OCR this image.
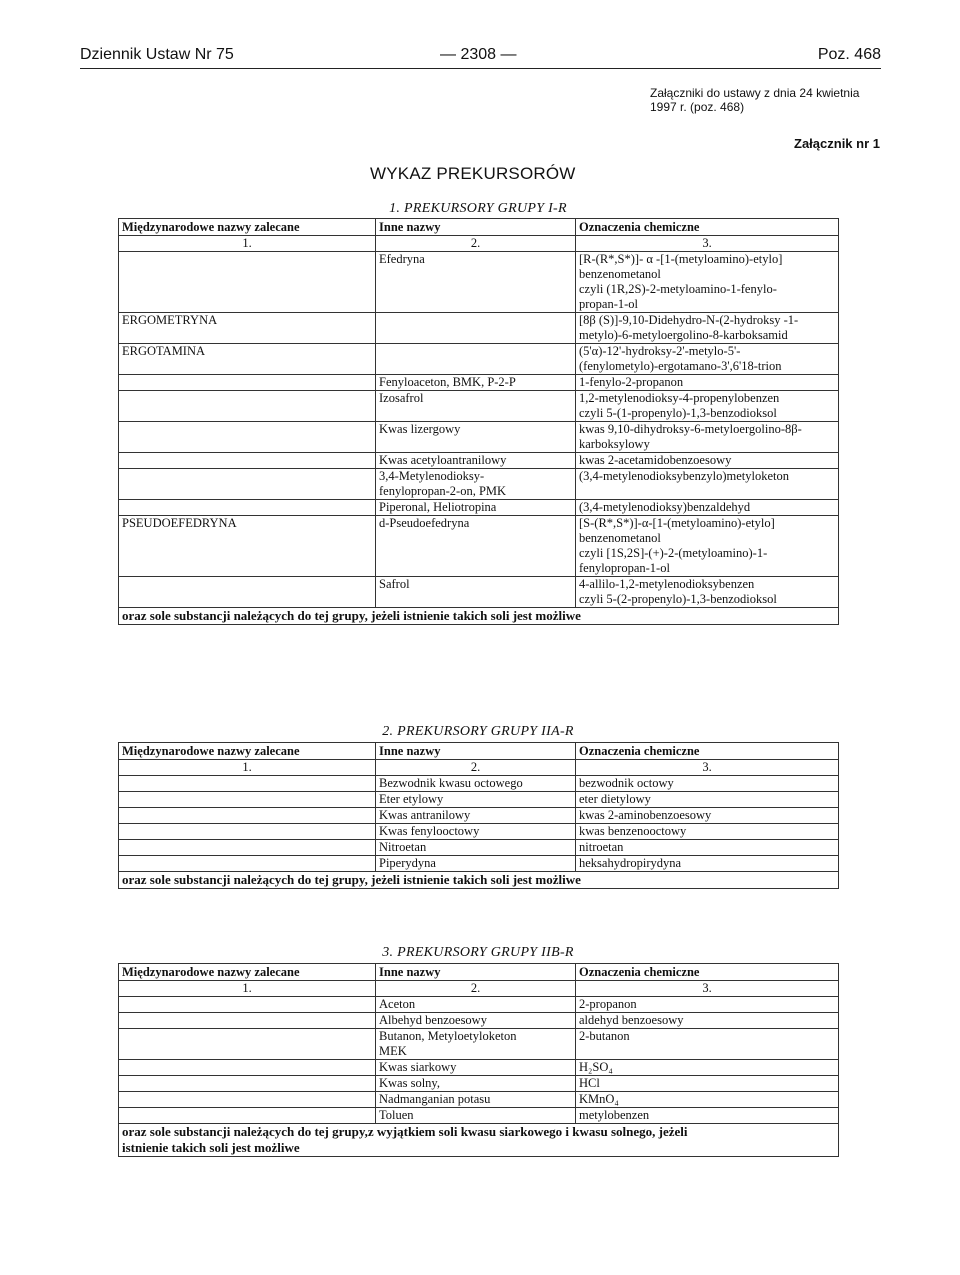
Dziennik Ustaw Nr 75	— 2308 —	Poz. 468
Załączniki do ustawy z dnia 24 kwietnia
1997 r. (poz. 468)
Załącznik nr 1
WYKAZ PREKURSORÓW
1. PREKURSORY GRUPY I-R
Międzynarodowe nazwy zalecane	Inne nazwy	Oznaczenia chemiczne
1.	2.	3.

	Efedryna	[R-(R*,S*)]- α -[1-(metyloamino)-etylo]
benzenometanol
czyli (1R,2S)-2-metyloamino-1-fenylo-
propan-1-ol

ERGOMETRYNA		[8β (S)]-9,10-Didehydro-N-(2-hydroksy -1-
metylo)-6-metyloergolino-8-karboksamid

ERGOTAMINA		(5'α)-12'-hydroksy-2'-metylo-5'-
(fenylometylo)-ergotamano-3',6'18-trion

	Fenyloaceton, BMK, P-2-P	1-fenylo-2-propanon

	Izosafrol	1,2-metylenodioksy-4-propenylobenzen
czyli 5-(1-propenylo)-1,3-benzodioksol

	Kwas lizergowy	kwas 9,10-dihydroksy-6-metyloergolino-8β-
karboksylowy

	Kwas acetyloantranilowy	kwas 2-acetamidobenzoesowy

	3,4-Metylenodioksy-
fenylopropan-2-on, PMK	(3,4-metylenodioksybenzylo)metyloketon

	Piperonal, Heliotropina	(3,4-metylenodioksy)benzaldehyd

PSEUDOEFEDRYNA	d-Pseudoefedryna	[S-(R*,S*)]-α-[1-(metyloamino)-etylo]
benzenometanol
czyli [1S,2S]-(+)-2-(metyloamino)-1-
fenylopropan-1-ol

	Safrol	4-allilo-1,2-metylenodioksybenzen
czyli 5-(2-propenylo)-1,3-benzodioksol

oraz sole substancji należących do tej grupy, jeżeli istnienie takich soli jest możliwe		
2. PREKURSORY GRUPY IIA-R
Międzynarodowe nazwy zalecane	Inne nazwy	Oznaczenia chemiczne
1.	2.	3.

	Bezwodnik kwasu octowego	bezwodnik octowy

	Eter etylowy	eter dietylowy

	Kwas antranilowy	kwas 2-aminobenzoesowy

	Kwas fenylooctowy	kwas benzenooctowy

	Nitroetan	nitroetan

	Piperydyna	heksahydropirydyna

oraz sole substancji należących do tej grupy, jeżeli istnienie takich soli jest możliwe		
3. PREKURSORY GRUPY IIB-R
Międzynarodowe nazwy zalecane	Inne nazwy	Oznaczenia chemiczne
1.	2.	3.

	Aceton	2-propanon

	Albehyd benzoesowy	aldehyd benzoesowy

	Butanon, Metyloetyloketon
MEK	2-butanon

	Kwas siarkowy	H₂SO₄

	Kwas solny,	HCl

	Nadmanganian potasu	KMnO₄

	Toluen	metylobenzen

oraz sole substancji należących do tej grupy,z wyjątkiem soli kwasu siarkowego i kwasu solnego, jeżeli
istnienie takich soli jest możliwe		
